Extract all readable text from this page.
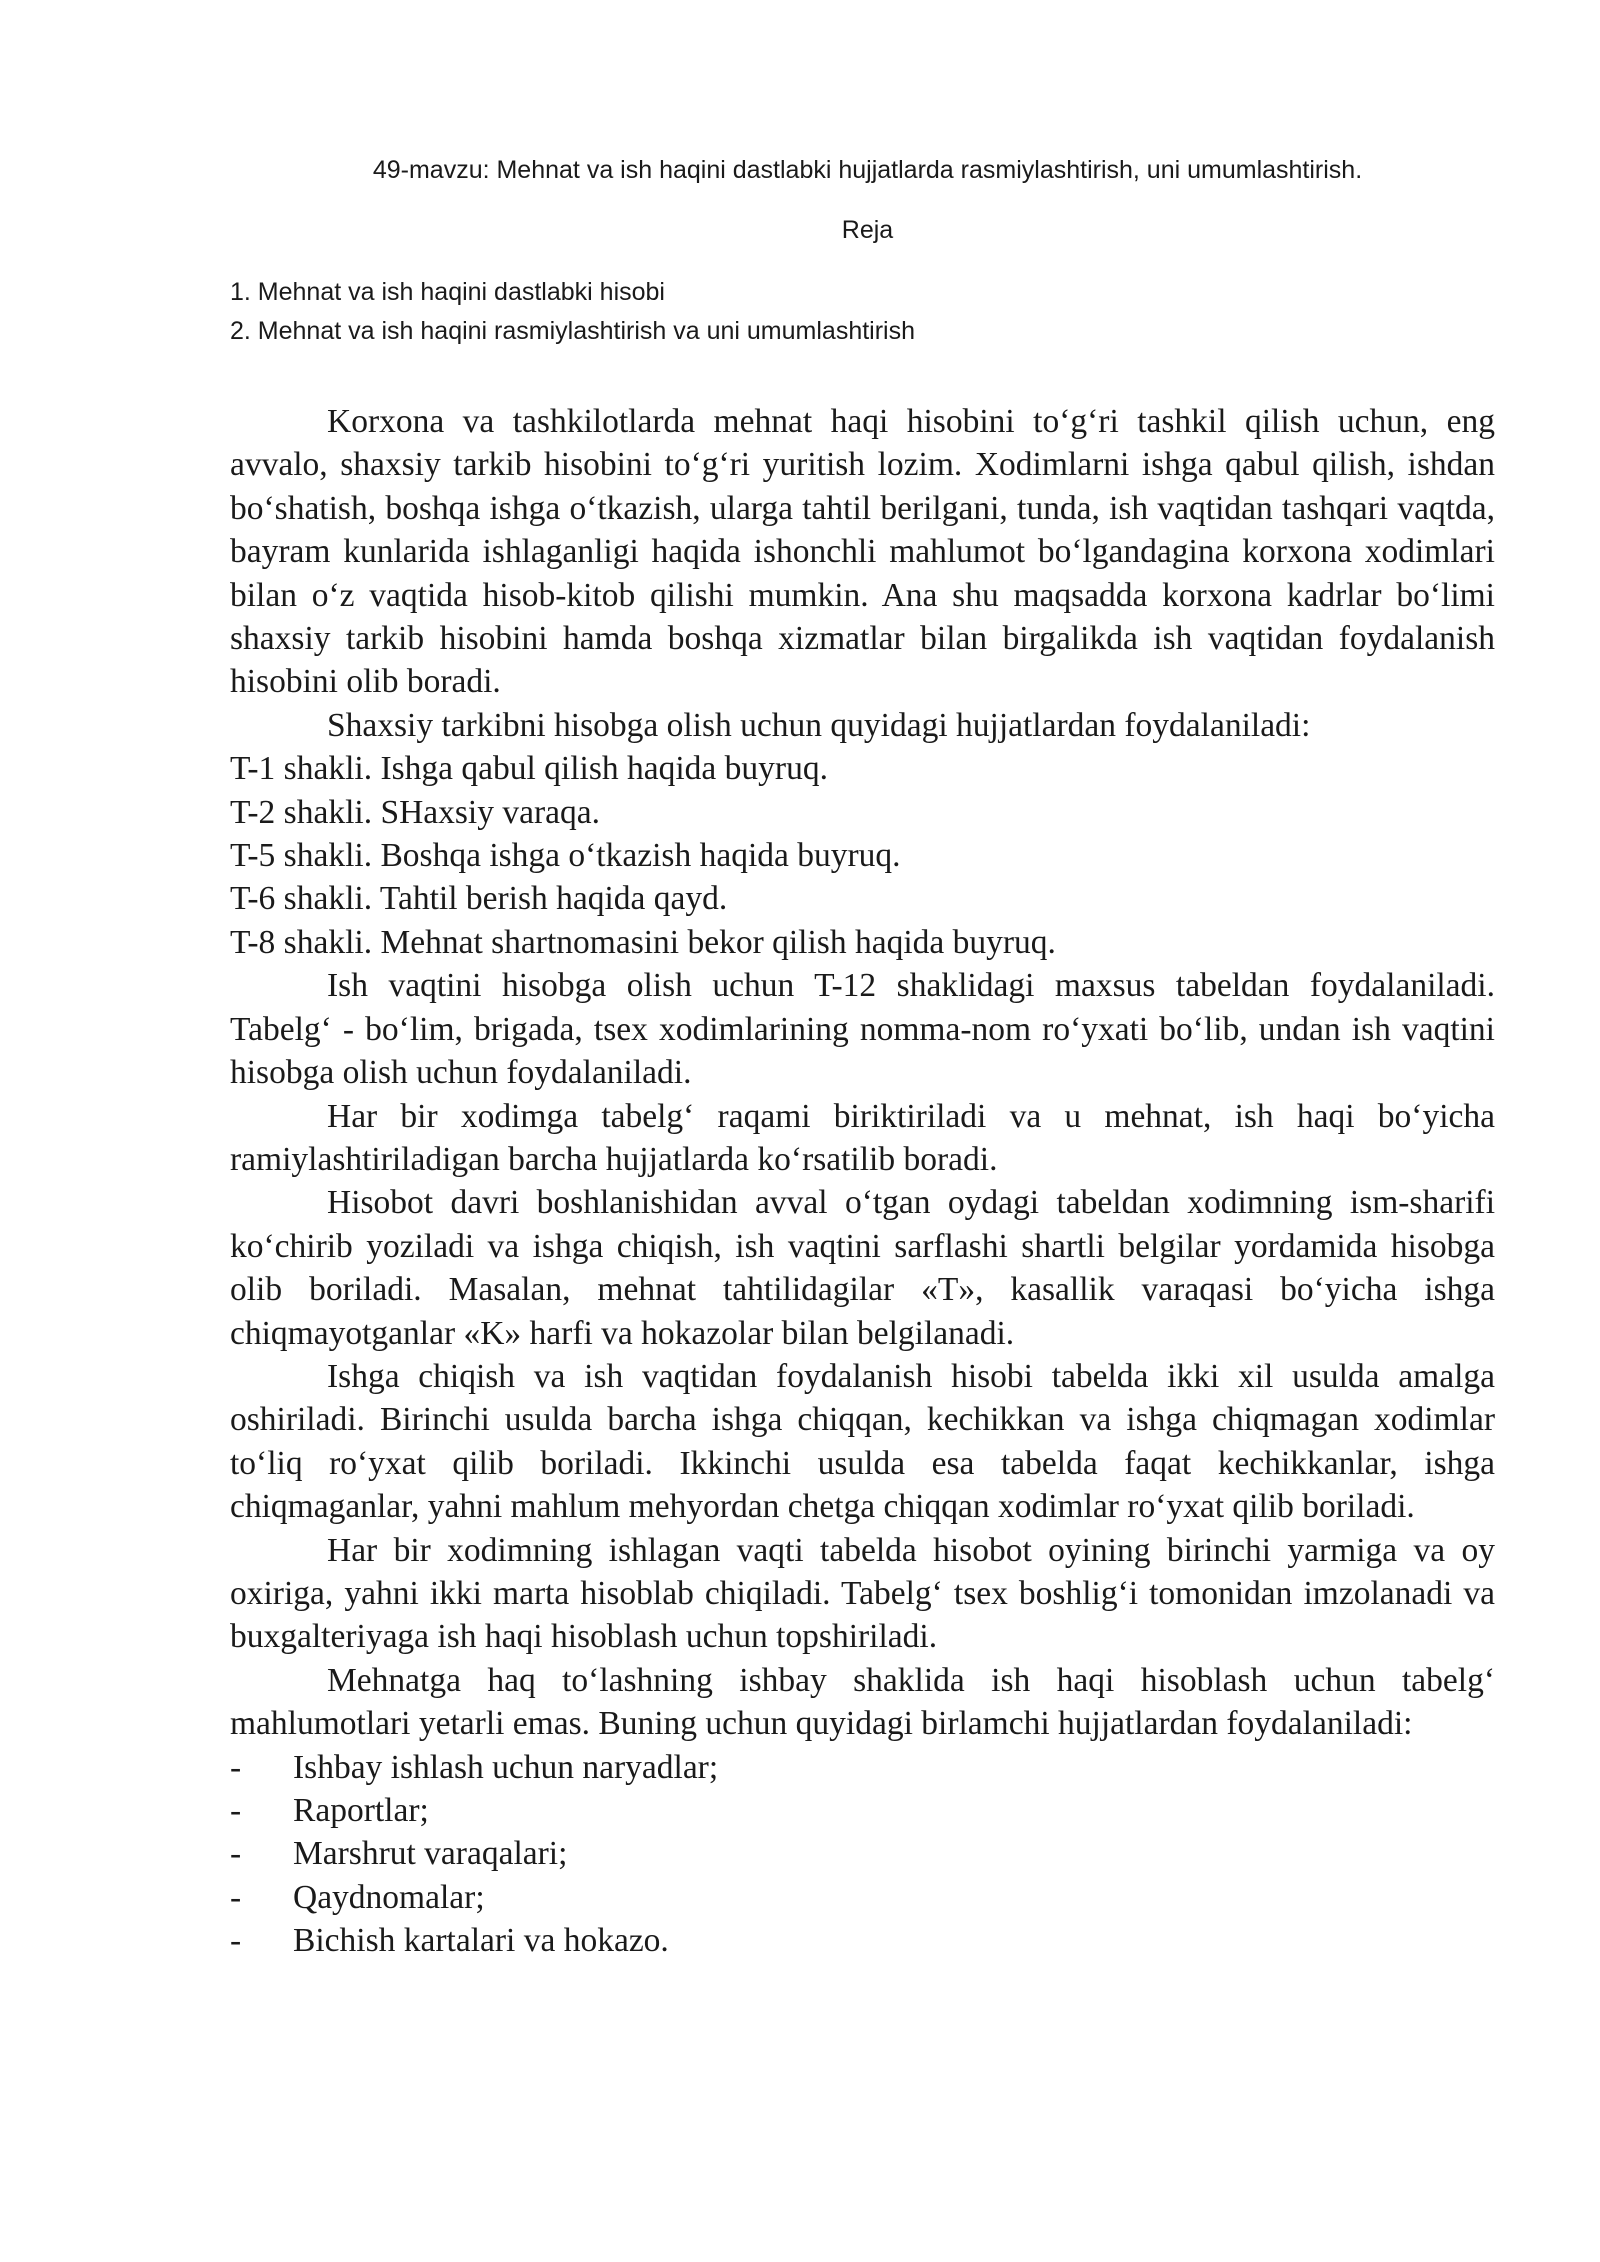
49-mavzu: Mehnat va ish haqini dastlabki hujjatlarda rasmiylashtirish, uni umumlashtirish.
Reja
1. Mehnat va ish haqini dastlabki hisobi
2. Mehnat va ish haqini rasmiylashtirish va uni umumlashtirish

Korxona va tashkilotlarda mehnat haqi hisobini to‘g‘ri tashkil qilish uchun, eng avvalo, shaxsiy tarkib hisobini to‘g‘ri yuritish lozim. Xodimlarni ishga qabul qilish, ishdan bo‘shatish, boshqa ishga o‘tkazish, ularga tahtil berilgani, tunda, ish vaqtidan tashqari vaqtda, bayram kunlarida ishlaganligi haqida ishonchli mahlumot bo‘lgandagina korxona xodimlari bilan o‘z vaqtida hisob-kitob qilishi mumkin. Ana shu maqsadda korxona kadrlar bo‘limi shaxsiy tarkib hisobini hamda boshqa xizmatlar bilan birgalikda ish vaqtidan foydalanish hisobini olib boradi.

Shaxsiy tarkibni hisobga olish uchun quyidagi hujjatlardan foydalaniladi:

T-1 shakli. Ishga qabul qilish haqida buyruq.
T-2 shakli. SHaxsiy varaqa.
T-5 shakli. Boshqa ishga o‘tkazish haqida buyruq.
T-6 shakli. Tahtil berish haqida qayd.
T-8 shakli. Mehnat shartnomasini bekor qilish haqida buyruq.

Ish vaqtini hisobga olish uchun T-12 shaklidagi maxsus tabeldan foydalaniladi. Tabelg‘ - bo‘lim, brigada, tsex xodimlarining nomma-nom ro‘yxati bo‘lib, undan ish vaqtini hisobga olish uchun foydalaniladi.

Har bir xodimga tabelg‘ raqami biriktiriladi va u mehnat, ish haqi bo‘yicha ramiylashtiriladigan barcha hujjatlarda ko‘rsatilib boradi.

Hisobot davri boshlanishidan avval o‘tgan oydagi tabeldan xodimning ism-sharifi ko‘chirib yoziladi va ishga chiqish, ish vaqtini sarflashi shartli belgilar yordamida hisobga olib boriladi. Masalan, mehnat tahtilidagilar «T», kasallik varaqasi bo‘yicha ishga chiqmayotganlar «K» harfi va hokazolar bilan belgilanadi.

Ishga chiqish va ish vaqtidan foydalanish hisobi tabelda ikki xil usulda amalga oshiriladi. Birinchi usulda barcha ishga chiqqan, kechikkan va ishga chiqmagan xodimlar to‘liq ro‘yxat qilib boriladi. Ikkinchi usulda esa tabelda faqat kechikkanlar, ishga chiqmaganlar, yahni mahlum mehyordan chetga chiqqan xodimlar ro‘yxat qilib boriladi.

Har bir xodimning ishlagan vaqti tabelda hisobot oyining birinchi yarmiga va oy oxiriga, yahni ikki marta hisoblab chiqiladi. Tabelg‘ tsex boshlig‘i tomonidan imzolanadi va buxgalteriyaga ish haqi hisoblash uchun topshiriladi.

Mehnatga haq to‘lashning ishbay shaklida ish haqi hisoblash uchun tabelg‘ mahlumotlari yetarli emas. Buning uchun quyidagi birlamchi hujjatlardan foydalaniladi:

- Ishbay ishlash uchun naryadlar;
- Raportlar;
- Marshrut varaqalari;
- Qaydnomalar;
- Bichish kartalari va hokazo.
